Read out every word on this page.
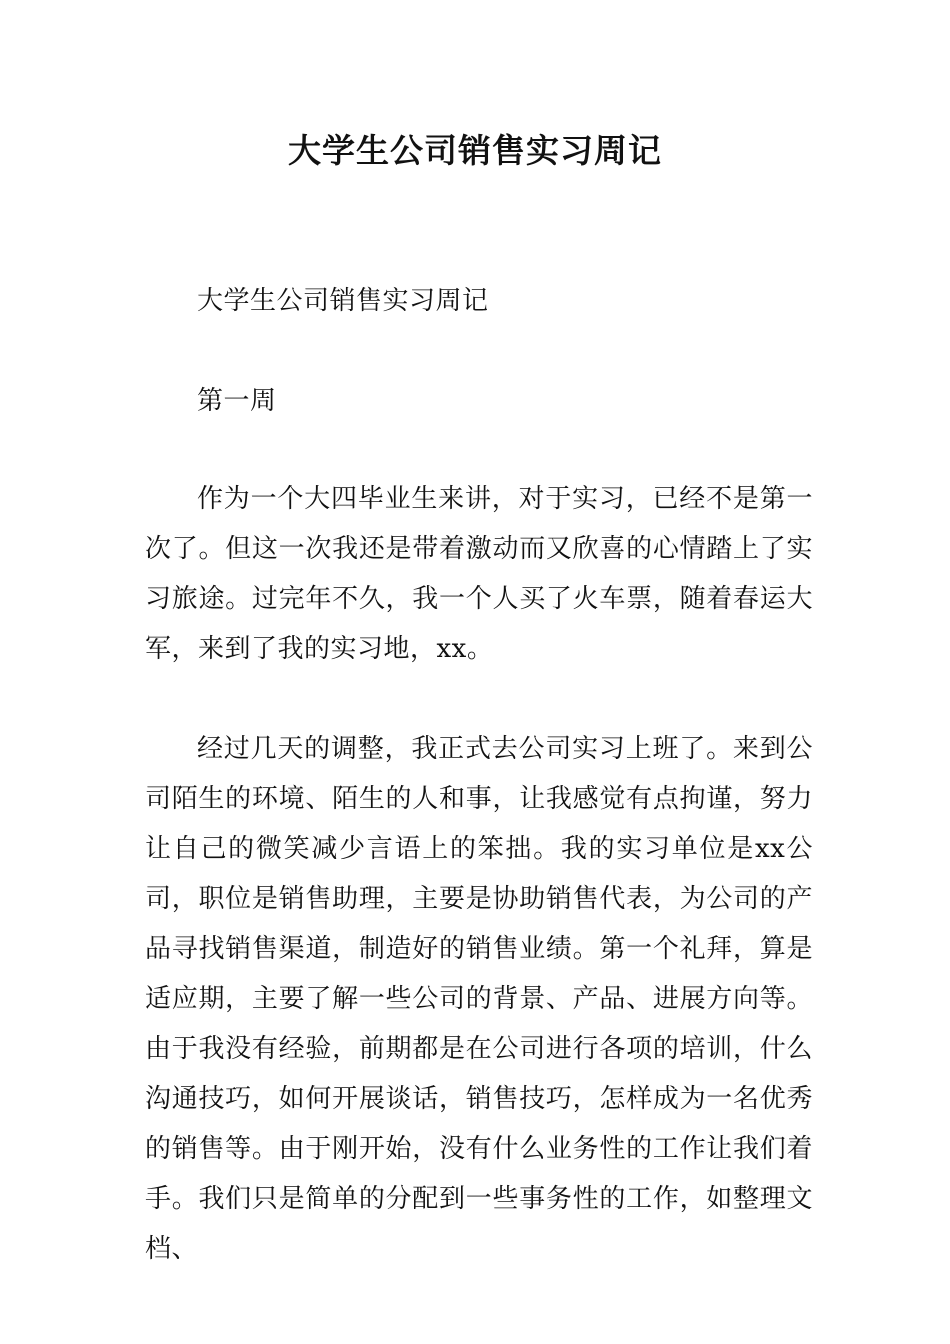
大学生公司销售实习周记

大学生公司销售实习周记

第一周

作为一个大四毕业生来讲，对于实习，已经不是第一次了。但这一次我还是带着激动而又欣喜的心情踏上了实习旅途。过完年不久，我一个人买了火车票，随着春运大军，来到了我的实习地，xx。

经过几天的调整，我正式去公司实习上班了。来到公司陌生的环境、陌生的人和事，让我感觉有点拘谨，努力让自己的微笑减少言语上的笨拙。我的实习单位是xx公司，职位是销售助理，主要是协助销售代表，为公司的产品寻找销售渠道，制造好的销售业绩。第一个礼拜，算是适应期，主要了解一些公司的背景、产品、进展方向等。由于我没有经验，前期都是在公司进行各项的培训，什么沟通技巧，如何开展谈话，销售技巧，怎样成为一名优秀的销售等。由于刚开始，没有什么业务性的工作让我们着手。我们只是简单的分配到一些事务性的工作，如整理文档、
